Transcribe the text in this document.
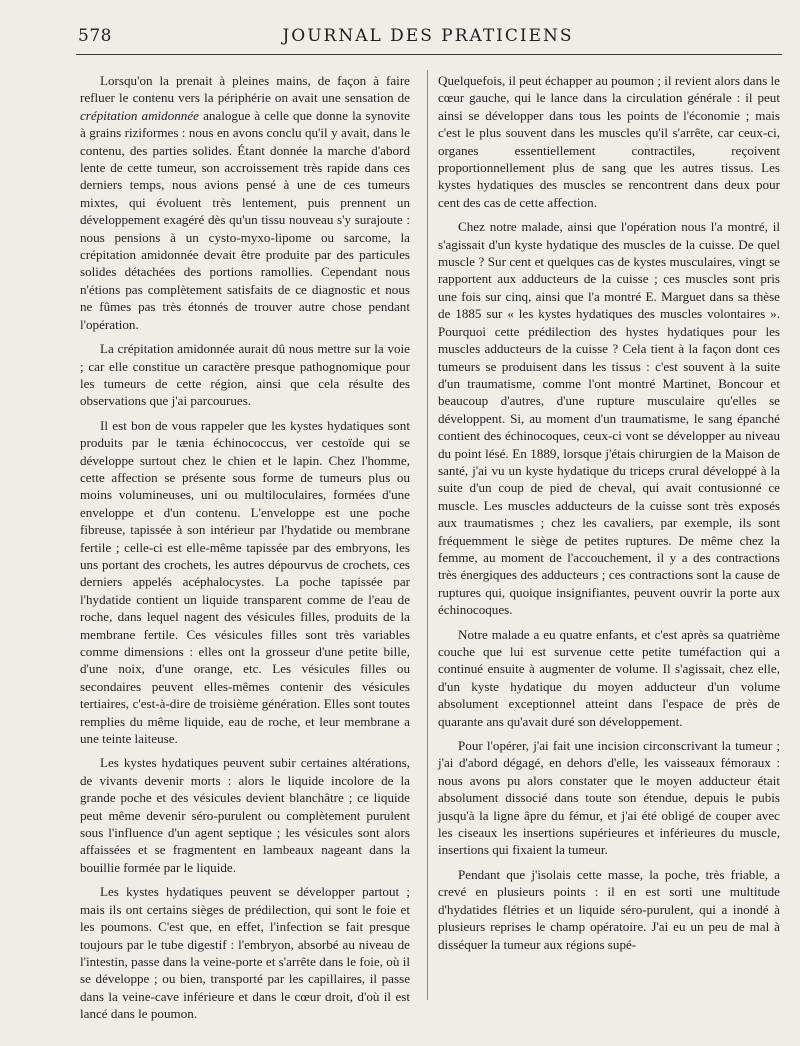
578	JOURNAL DES PRATICIENS

Lorsqu'on la prenait à pleines mains, de façon à faire refluer le contenu vers la périphérie on avait une sensation de crépitation amidonnée analogue à celle que donne la synovite à grains riziformes : nous en avons conclu qu'il y avait, dans le contenu, des parties solides. Étant donnée la marche d'abord lente de cette tumeur, son accroissement très rapide dans ces derniers temps, nous avions pensé à une de ces tumeurs mixtes, qui évoluent très lentement, puis prennent un développement exagéré dès qu'un tissu nouveau s'y surajoute : nous pensions à un cysto-myxo-lipome ou sarcome, la crépitation amidonnée devait être produite par des particules solides détachées des portions ramollies. Cependant nous n'étions pas complètement satisfaits de ce diagnostic et nous ne fûmes pas très étonnés de trouver autre chose pendant l'opération.

La crépitation amidonnée aurait dû nous mettre sur la voie ; car elle constitue un caractère presque pathognomique pour les tumeurs de cette région, ainsi que cela résulte des observations que j'ai parcourues.

Il est bon de vous rappeler que les kystes hydatiques sont produits par le tænia échinococcus, ver cestoïde qui se développe surtout chez le chien et le lapin. Chez l'homme, cette affection se présente sous forme de tumeurs plus ou moins volumineuses, uni ou multiloculaires, formées d'une enveloppe et d'un contenu. L'enveloppe est une poche fibreuse, tapissée à son intérieur par l'hydatide ou membrane fertile ; celle-ci est elle-même tapissée par des embryons, les uns portant des crochets, les autres dépourvus de crochets, ces derniers appelés acéphalocystes. La poche tapissée par l'hydatide contient un liquide transparent comme de l'eau de roche, dans lequel nagent des vésicules filles, produits de la membrane fertile. Ces vésicules filles sont très variables comme dimensions : elles ont la grosseur d'une petite bille, d'une noix, d'une orange, etc. Les vésicules filles ou secondaires peuvent elles-mêmes contenir des vésicules tertiaires, c'est-à-dire de troisième génération. Elles sont toutes remplies du même liquide, eau de roche, et leur membrane a une teinte laiteuse.

Les kystes hydatiques peuvent subir certaines altérations, de vivants devenir morts : alors le liquide incolore de la grande poche et des vésicules devient blanchâtre ; ce liquide peut même devenir séro-purulent ou complètement purulent sous l'influence d'un agent septique ; les vésicules sont alors affaissées et se fragmentent en lambeaux nageant dans la bouillie formée par le liquide.

Les kystes hydatiques peuvent se développer partout ; mais ils ont certains sièges de prédilection, qui sont le foie et les poumons. C'est que, en effet, l'infection se fait presque toujours par le tube digestif : l'embryon, absorbé au niveau de l'intestin, passe dans la veine-porte et s'arrête dans le foie, où il se développe ; ou bien, transporté par les capillaires, il passe dans la veine-cave inférieure et dans le cœur droit, d'où il est lancé dans le poumon.

Quelquefois, il peut échapper au poumon ; il revient alors dans le cœur gauche, qui le lance dans la circulation générale : il peut ainsi se développer dans tous les points de l'économie ; mais c'est le plus souvent dans les muscles qu'il s'arrête, car ceux-ci, organes essentiellement contractiles, reçoivent proportionnellement plus de sang que les autres tissus. Les kystes hydatiques des muscles se rencontrent dans deux pour cent des cas de cette affection.

Chez notre malade, ainsi que l'opération nous l'a montré, il s'agissait d'un kyste hydatique des muscles de la cuisse. De quel muscle ? Sur cent et quelques cas de kystes musculaires, vingt se rapportent aux adducteurs de la cuisse ; ces muscles sont pris une fois sur cinq, ainsi que l'a montré E. Marguet dans sa thèse de 1885 sur « les kystes hydatiques des muscles volontaires ». Pourquoi cette prédilection des hystes hydatiques pour les muscles adducteurs de la cuisse ? Cela tient à la façon dont ces tumeurs se produisent dans les tissus : c'est souvent à la suite d'un traumatisme, comme l'ont montré Martinet, Boncour et beaucoup d'autres, d'une rupture musculaire qu'elles se développent. Si, au moment d'un traumatisme, le sang épanché contient des échinocoques, ceux-ci vont se développer au niveau du point lésé. En 1889, lorsque j'étais chirurgien de la Maison de santé, j'ai vu un kyste hydatique du triceps crural développé à la suite d'un coup de pied de cheval, qui avait contusionné ce muscle. Les muscles adducteurs de la cuisse sont très exposés aux traumatismes ; chez les cavaliers, par exemple, ils sont fréquemment le siège de petites ruptures. De même chez la femme, au moment de l'accouchement, il y a des contractions très énergiques des adducteurs ; ces contractions sont la cause de ruptures qui, quoique insignifiantes, peuvent ouvrir la porte aux échinocoques.

Notre malade a eu quatre enfants, et c'est après sa quatrième couche que lui est survenue cette petite tuméfaction qui a continué ensuite à augmenter de volume. Il s'agissait, chez elle, d'un kyste hydatique du moyen adducteur d'un volume absolument exceptionnel atteint dans l'espace de près de quarante ans qu'avait duré son développement.

Pour l'opérer, j'ai fait une incision circonscrivant la tumeur ; j'ai d'abord dégagé, en dehors d'elle, les vaisseaux fémoraux : nous avons pu alors constater que le moyen adducteur était absolument dissocié dans toute son étendue, depuis le pubis jusqu'à la ligne âpre du fémur, et j'ai été obligé de couper avec les ciseaux les insertions supérieures et inférieures du muscle, insertions qui fixaient la tumeur.

Pendant que j'isolais cette masse, la poche, très friable, a crevé en plusieurs points : il en est sorti une multitude d'hydatides flétries et un liquide séro-purulent, qui a inondé à plusieurs reprises le champ opératoire. J'ai eu un peu de mal à disséquer la tumeur aux régions supé-
